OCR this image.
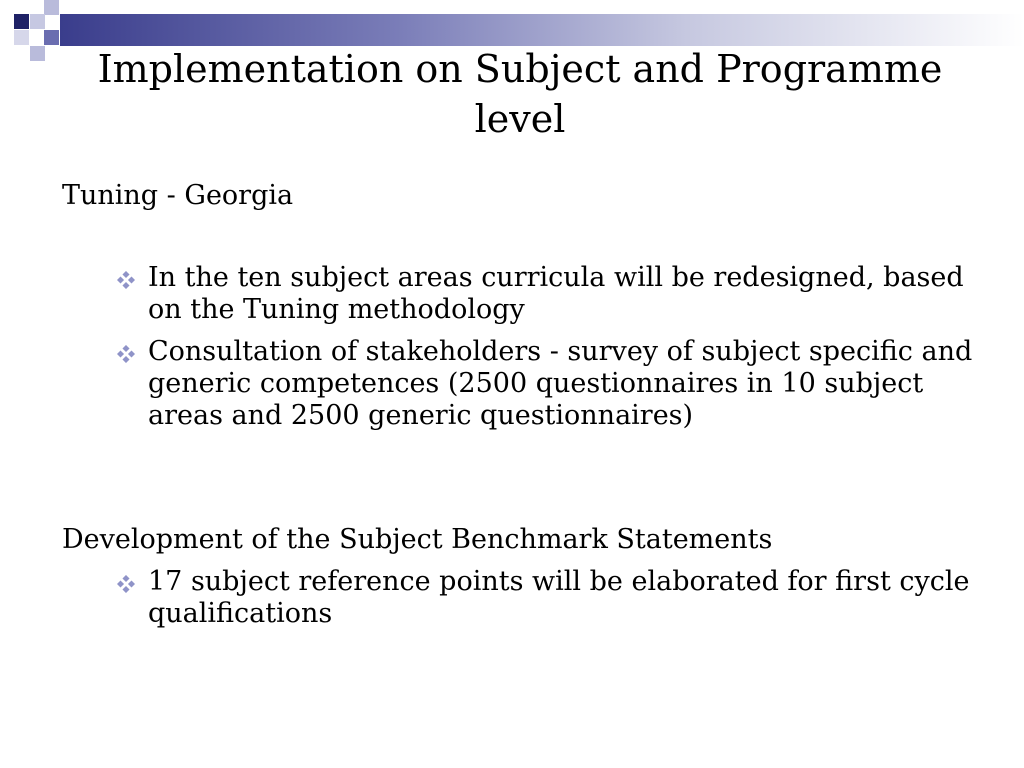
Implementation on Subject and Programme level

Tuning - Georgia

In the ten subject areas curricula will be redesigned, based on the Tuning methodology
Consultation of stakeholders - survey of subject specific and generic competences (2500 questionnaires in 10 subject areas and 2500 generic questionnaires)

Development of the Subject Benchmark Statements

17 subject reference points will be elaborated for first cycle qualifications
